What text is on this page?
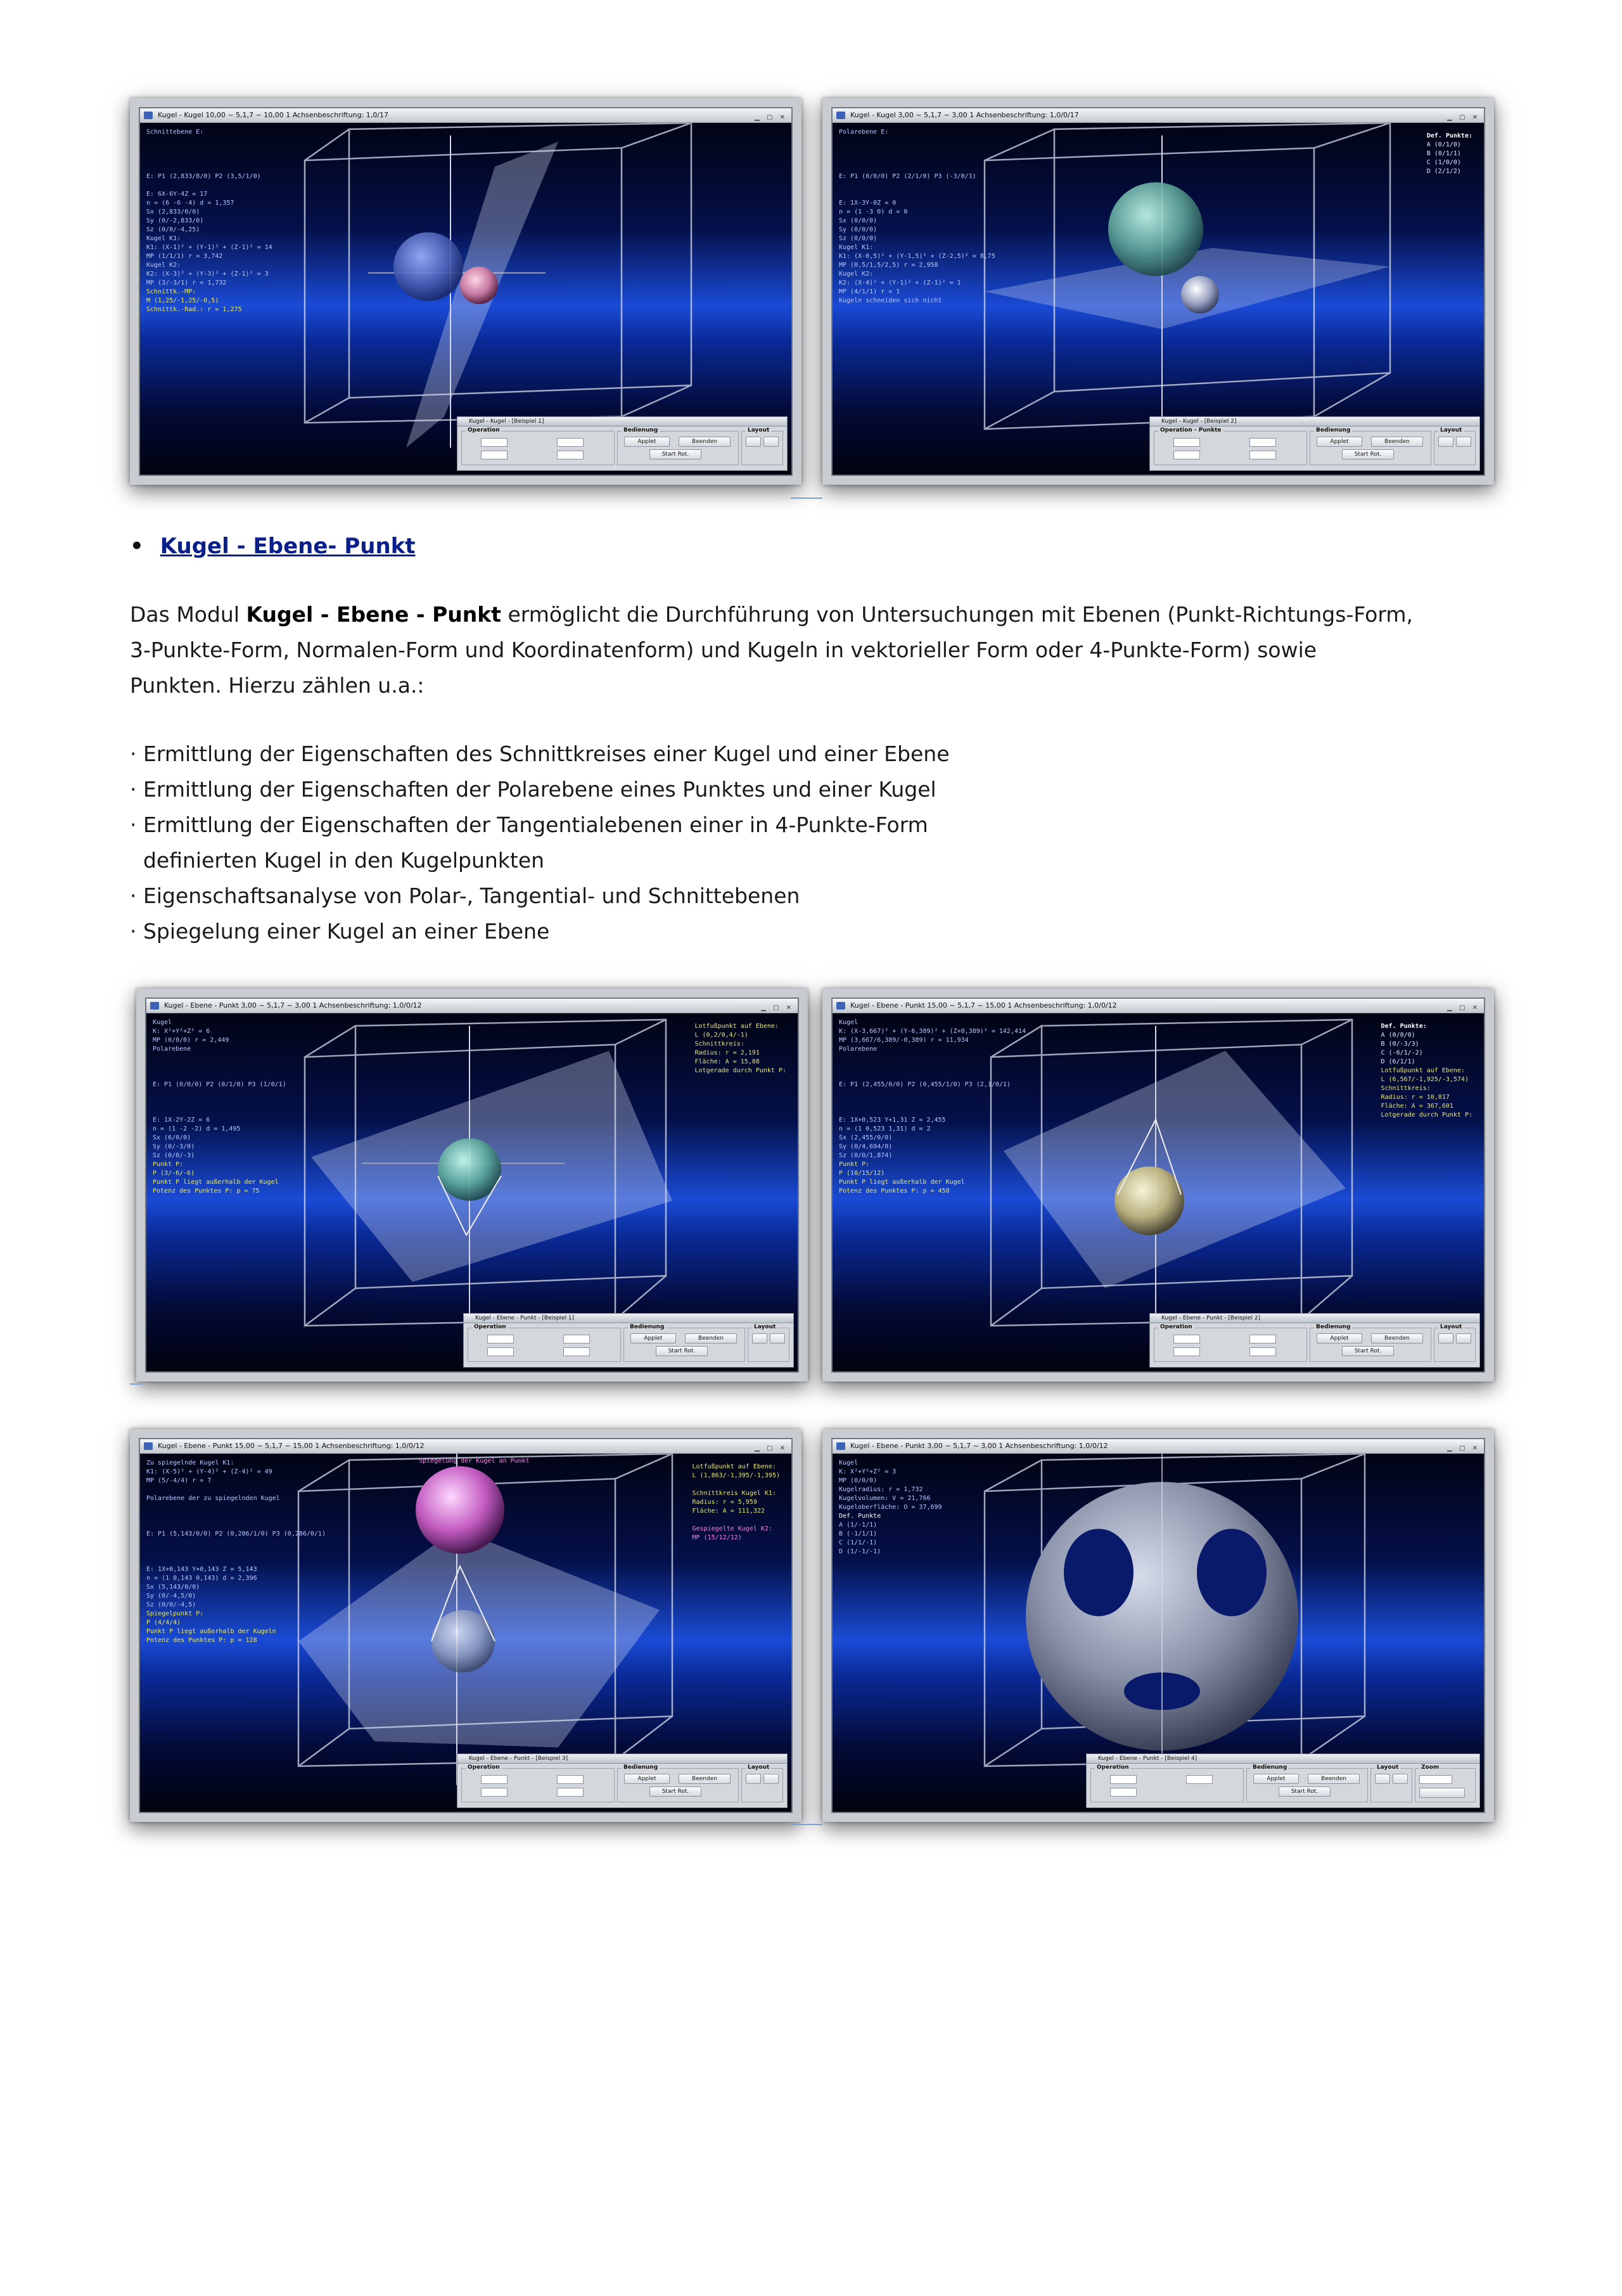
Kugel - Kugel 10,00 ~ 5,1,7 ~ 10,00 1 Achsenbeschriftung: 1,0/17	▁ ▢ ✕
Schnittebene E:
E: P1 (2,833/8/0) P2 (3,5/1/0)
E: 6X-6Y-4Z = 17
n = (6 -6 -4) d = 1,357
Sx (2,833/0/0)
Sy (0/-2,833/0)
Sz (0/0/-4,25)
Kugel K1:
K1: (X-1)² + (Y-1)² + (Z-1)² = 14
MP (1/1/1) r = 3,742
Kugel K2:
K2: (X-3)² + (Y-3)² + (Z-1)² = 3
MP (3/-3/1) r = 1,732
Schnittk.-MP:
M (1,25/-1,25/-0,5)
Schnittk.-Rad.: r = 1,275
Kugel - Kugel - [Beispiel 1]
Operation	Bedienung
Applet	Beenden
Start Rot.
Layout
Kugel - Kugel 3,00 ~ 5,1,7 ~ 3,00 1 Achsenbeschriftung: 1,0/0/17	▁ ▢ ✕
Polarebene E:
E: P1 (0/0/0) P2 (2/1/0) P3 (-3/0/1)
E: 1X-3Y-0Z = 0
n = (1 -3 0) d = 0
Sx (0/0/0)
Sy (0/0/0)
Sz (0/0/0)
Kugel K1:
K1: (X-0,5)² + (Y-1,5)² + (Z-2,5)² = 8,75
MP (0,5/1,5/2,5) r = 2,958
Kugel K2:
K2: (X-4)² + (Y-1)² + (Z-1)² = 1
MP (4/1/1) r = 1
Kugeln schneiden sich nicht
Def. Punkte:
A (0/1/0)
B (0/1/1)
C (1/0/0)
D (2/1/2)
Kugel - Kugel - [Beispiel 2]
Operation - Punkte	Bedienung
Applet	Beenden
Start Rot.
Layout
• Kugel - Ebene- Punkt
Das Modul Kugel - Ebene - Punkt ermöglicht die Durchführung von Untersuchungen mit Ebenen (Punkt-Richtungs-Form,
3-Punkte-Form, Normalen-Form und Koordinatenform) und Kugeln in vektorieller Form oder 4-Punkte-Form) sowie
Punkten. Hierzu zählen u.a.:
· Ermittlung der Eigenschaften des Schnittkreises einer Kugel und einer Ebene
· Ermittlung der Eigenschaften der Polarebene eines Punktes und einer Kugel
· Ermittlung der Eigenschaften der Tangentialebenen einer in 4-Punkte-Form
definierten Kugel in den Kugelpunkten
· Eigenschaftsanalyse von Polar-, Tangential- und Schnittebenen
· Spiegelung einer Kugel an einer Ebene
Kugel - Ebene - Punkt 3,00 ~ 5,1,7 ~ 3,00 1 Achsenbeschriftung: 1,0/0/12	▁ ▢ ✕
Kugel
K: X²+Y²+Z² = 6
MP (0/0/0) r = 2,449
Polarebene
E: P1 (0/0/0) P2 (0/1/0) P3 (1/0/1)
E: 1X-2Y-2Z = 6
n = (1 -2 -2) d = 1,495
Sx (6/0/0)
Sy (0/-3/0)
Sz (0/0/-3)
Punkt P:
P (3/-6/-6)
Punkt P liegt außerhalb der Kugel
Potenz des Punktes P: p = 75
Lotfußpunkt auf Ebene:
L (0,2/0,4/-1)
Schnittkreis:
Radius: r = 2,191
Fläche: A = 15,08
Lotgerade durch Punkt P:
Kugel - Ebene - Punkt - [Beispiel 1]
Operation	Bedienung
Applet	Beenden
Start Rot.
Layout
Kugel - Ebene - Punkt 15,00 ~ 5,1,7 ~ 15,00 1 Achsenbeschriftung: 1,0/0/12	▁ ▢ ✕
Kugel
K: (X-3,667)² + (Y-6,389)² + (Z+0,389)² = 142,414
MP (3,667/6,389/-0,389) r = 11,934
Polarebene
E: P1 (2,455/0/0) P2 (0,455/1/0) P3 (2,1/0/1)
E: 1X+0,523 Y+1,31 Z = 2,455
n = (1 0,523 1,31) d = 2
Sx (2,455/0/0)
Sy (0/4,694/0)
Sz (0/0/1,874)
Punkt P:
P (10/15/12)
Punkt P liegt außerhalb der Kugel
Potenz des Punktes P: p = 458
Def. Punkte:
A (0/0/0)
B (0/-3/3)
C (-6/1/-2)
D (6/1/1)
Lotfußpunkt auf Ebene:
L (6,567/-1,925/-3,574)
Schnittkreis:
Radius: r = 10,817
Fläche: A = 367,601
Lotgerade durch Punkt P:
Kugel - Ebene - Punkt - [Beispiel 2]
Operation	Bedienung
Applet	Beenden
Start Rot.
Layout
Kugel - Ebene - Punkt 15,00 ~ 5,1,7 ~ 15,00 1 Achsenbeschriftung: 1,0/0/12	▁ ▢ ✕
Spiegelung der Kugel an Punkt
Zu spiegelnde Kugel K1:
K1: (X-5)² + (Y-4)² + (Z-4)² = 49
MP (5/-4/4) r = 7
Polarebene der zu spiegelnden Kugel
E: P1 (5,143/0/0) P2 (0,286/1/0) P3 (0,286/0/1)
E: 1X+0,143 Y+0,143 Z = 5,143
n = (1 0,143 0,143) d = 2,396
Sx (5,143/0/0)
Sy (0/-4,5/0)
Sz (0/0/-4,5)
Spiegelpunkt P:
P (4/4/4)
Punkt P liegt außerhalb der Kugeln
Potenz des Punktes P: p = 128
Lotfußpunkt auf Ebene:
L (1,863/-1,395/-1,395)
Schnittkreis Kugel K1:
Radius: r = 5,959
Fläche: A = 111,322
Gespiegelte Kugel K2:
MP (15/12/12)
Kugel - Ebene - Punkt - [Beispiel 3]
Operation	Bedienung
Applet	Beenden
Start Rot.
Layout
Kugel - Ebene - Punkt 3,00 ~ 5,1,7 ~ 3,00 1 Achsenbeschriftung: 1,0/0/12	▁ ▢ ✕
Kugel
K: X²+Y²+Z² = 3
MP (0/0/0)
Kugelradius: r = 1,732
Kugelvolumen: V = 21,766
Kugeloberfläche: O = 37,699
Def. Punkte
A (1/-1/1)
B (-1/1/1)
C (1/1/-1)
D (1/-1/-1)
Kugel - Ebene - Punkt - [Beispiel 4]
Operation	Bedienung
Applet	Beenden
Start Rot.
Layout	Zoom
